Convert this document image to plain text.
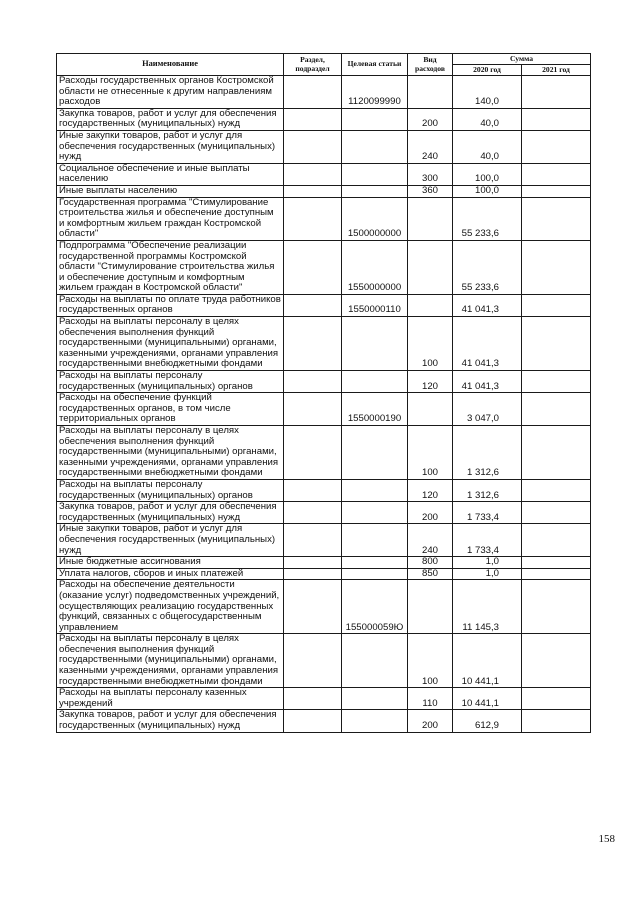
Наименование	Раздел, подраздел	Целевая статьи	Вид расходов	Сумма	
				2020 год	2021 год
Расходы государственных органов Костромской области не отнесенные к другим направлениям расходов		1120099990		140,0	
Закупка товаров, работ и услуг для обеспечения государственных (муниципальных) нужд			200	40,0	
Иные закупки товаров, работ и услуг для обеспечения государственных (муниципальных) нужд			240	40,0	
Социальное обеспечение и иные выплаты населению			300	100,0	
Иные выплаты населению			360	100,0	
Государственная программа "Стимулирование строительства жилья и обеспечение доступным и комфортным жильем граждан Костромской области"		1500000000		55 233,6	
Подпрограмма "Обеспечение реализации государственной программы Костромской области "Стимулирование строительства жилья и обеспечение доступным и комфортным жильем граждан в Костромской области"		1550000000		55 233,6	
Расходы на выплаты по оплате труда работников государственных органов		1550000110		41 041,3	
Расходы на выплаты персоналу в целях обеспечения выполнения функций государственными (муниципальными) органами, казенными учреждениями, органами управления государственными внебюджетными фондами			100	41 041,3	
Расходы на выплаты персоналу государственных (муниципальных) органов			120	41 041,3	
Расходы на обеспечение функций государственных органов, в том числе территориальных органов		1550000190		3 047,0	
Расходы на выплаты персоналу в целях обеспечения выполнения функций государственными (муниципальными) органами, казенными учреждениями, органами управления государственными внебюджетными фондами			100	1 312,6	
Расходы на выплаты персоналу государственных (муниципальных) органов			120	1 312,6	
Закупка товаров, работ и услуг для обеспечения государственных (муниципальных) нужд			200	1 733,4	
Иные закупки товаров, работ и услуг для обеспечения государственных (муниципальных) нужд			240	1 733,4	
Иные бюджетные ассигнования			800	1,0	
Уплата налогов, сборов и иных платежей			850	1,0	
Расходы на обеспечение деятельности (оказание услуг) подведомственных учреждений, осуществляющих реализацию государственных функций, связанных с общегосударственным управлением		155000059Ю		11 145,3	
Расходы на выплаты персоналу в целях обеспечения выполнения функций государственными (муниципальными) органами, казенными учреждениями, органами управления государственными внебюджетными фондами			100	10 441,1	
Расходы на выплаты персоналу казенных учреждений			110	10 441,1	
Закупка товаров, работ и услуг для обеспечения государственных (муниципальных) нужд			200	612,9	
158
